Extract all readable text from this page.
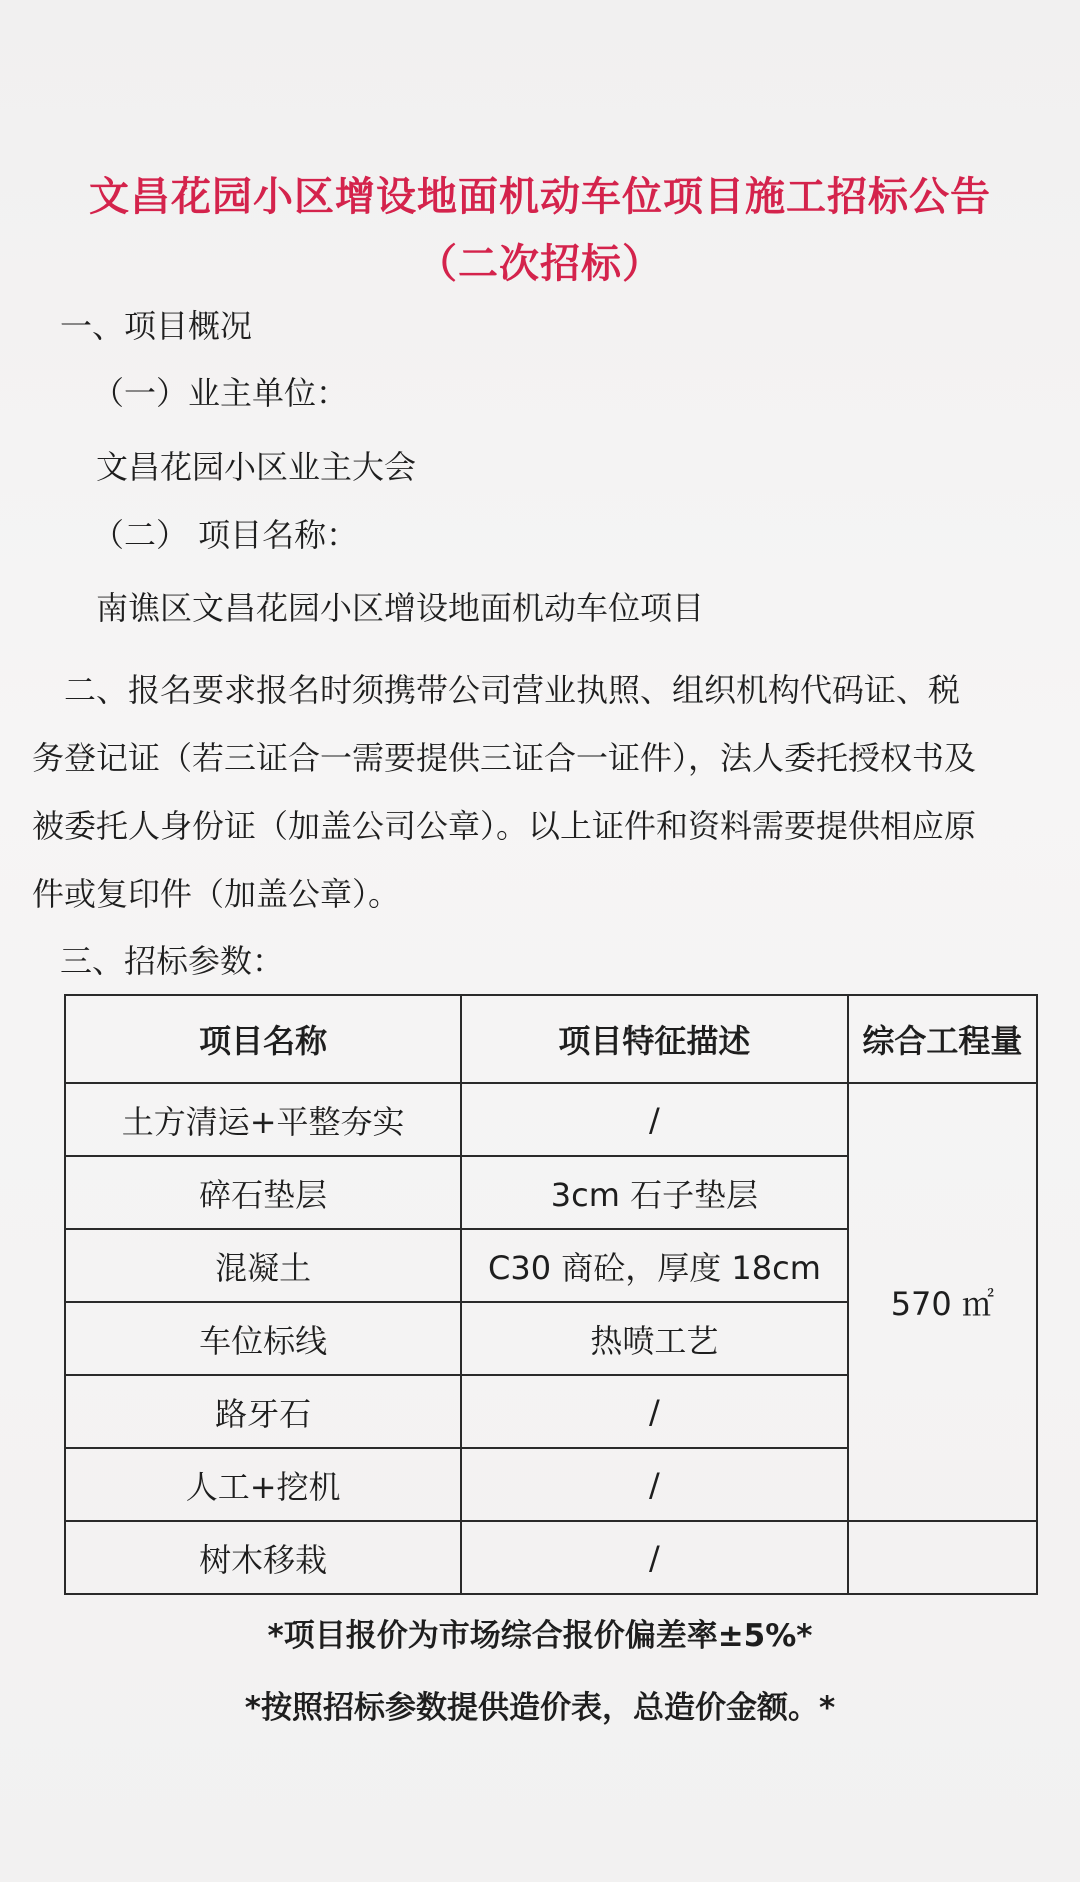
文昌花园小区增设地面机动车位项目施工招标公告
（二次招标）
一、项目概况
（一）业主单位：
文昌花园小区业主大会
（二） 项目名称：
南谯区文昌花园小区增设地面机动车位项目
二、报名要求报名时须携带公司营业执照、组织机构代码证、税务登记证（若三证合一需要提供三证合一证件），法人委托授权书及被委托人身份证（加盖公司公章）。以上证件和资料需要提供相应原件或复印件（加盖公章）。
三、招标参数：
项目名称	项目特征描述	综合工程量
土方清运+平整夯实	/	570 ㎡
碎石垫层	3cm 石子垫层	
混凝土	C30 商砼，厚度 18cm	
车位标线	热喷工艺	
路牙石	/	
人工+挖机	/	
树木移栽	/	
*项目报价为市场综合报价偏差率±5%*
*按照招标参数提供造价表，总造价金额。*
